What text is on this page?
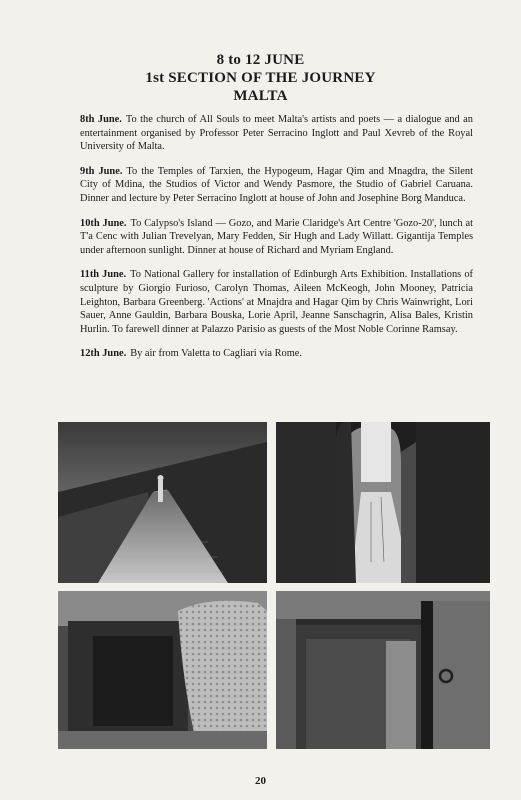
8 to 12 JUNE
1st SECTION OF THE JOURNEY
MALTA

8th June. To the church of All Souls to meet Malta's artists and poets — a dialogue and an entertainment organised by Professor Peter Serracino Inglott and Paul Xevreb of the Royal University of Malta.

9th June. To the Temples of Tarxien, the Hypogeum, Hagar Qim and Mnagdra, the Silent City of Mdina, the Studios of Victor and Wendy Pasmore, the Studio of Gabriel Caruana. Dinner and lecture by Peter Serracino Inglott at house of John and Josephine Borg Manduca.

10th June. To Calypso's Island — Gozo, and Marie Claridge's Art Centre 'Gozo-20', lunch at T'a Cenc with Julian Trevelyan, Mary Fedden, Sir Hugh and Lady Willatt. Gigantija Temples under afternoon sunlight. Dinner at house of Richard and Myriam England.

11th June. To National Gallery for installation of Edinburgh Arts Exhibition. Installations of sculpture by Giorgio Furioso, Carolyn Thomas, Aileen McKeogh, John Mooney, Patricia Leighton, Barbara Greenberg. 'Actions' at Mnajdra and Hagar Qim by Chris Wainwright, Lori Sauer, Anne Gauldin, Barbara Bouska, Lorie April, Jeanne Sanschagrin, Alisa Bales, Kristin Hurlin. To farewell dinner at Palazzo Parisio as guests of the Most Noble Corinne Ramsay.

12th June. By air from Valetta to Cagliari via Rome.

20
